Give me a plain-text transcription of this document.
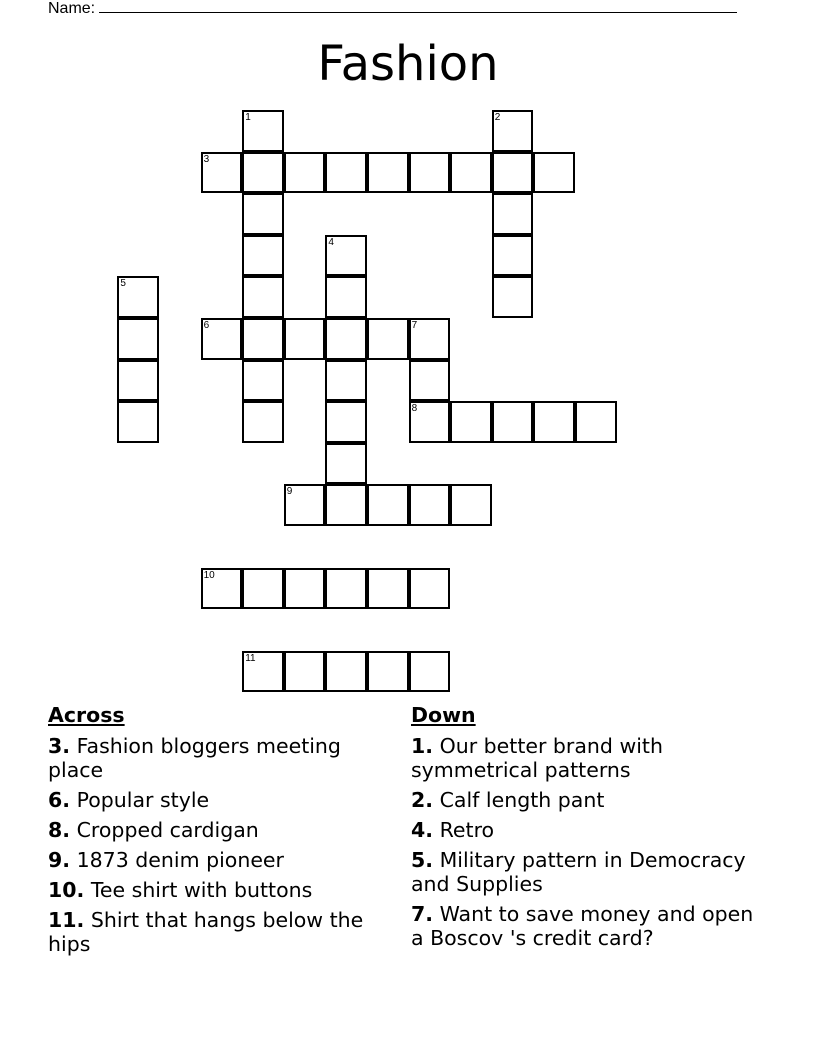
Name:
Fashion
1	2
3
4
5
6	7
8
9
10
11
Across
3. Fashion bloggers meeting place
6. Popular style
8. Cropped cardigan
9. 1873 denim pioneer
10. Tee shirt with buttons
11. Shirt that hangs below the hips
Down
1. Our better brand with symmetrical patterns
2. Calf length pant
4. Retro
5. Military pattern in Democracy and Supplies
7. Want to save money and open a Boscov 's credit card?
